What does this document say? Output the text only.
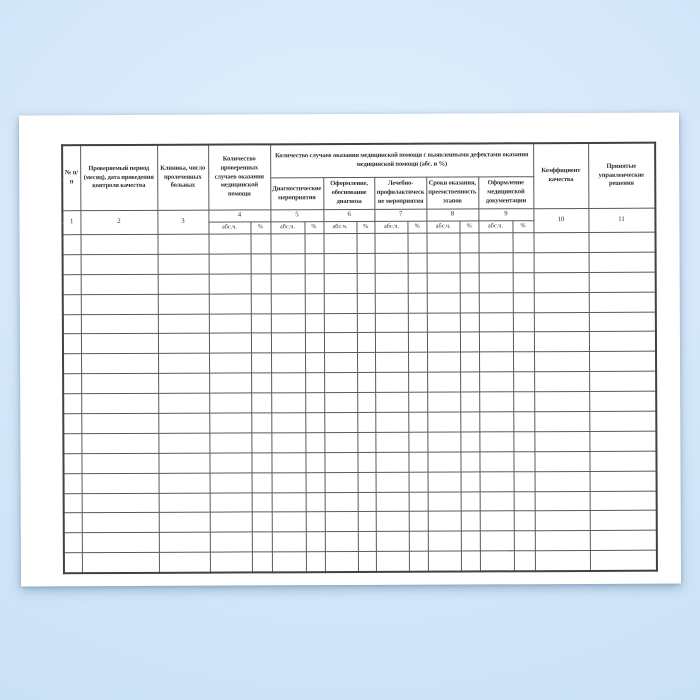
№ п/п	Проверяемый период (месяц), дата проведения контроля качества	Клиника, число пролеченных больных	Количество проверенных случаев оказания медицинской помощи		Количество случаев оказания медицинской помощи с выявленными дефектами оказания медицинской помощи (абс. и %)										Коэффициент качества	Принятые управленческие решения
					Диагностические мероприятия		Оформление, обоснование диагноза		Лечебно-профилактические мероприятия		Сроки оказания, преемственность этапов		Оформление медицинской документации			
1	2	3	4		5		6		7		8		9		10	11
			абс.ч.	%	абс.ч.	%	абс.ч.	%	абс.ч.	%	абс.ч.	%	абс.ч.	%		
